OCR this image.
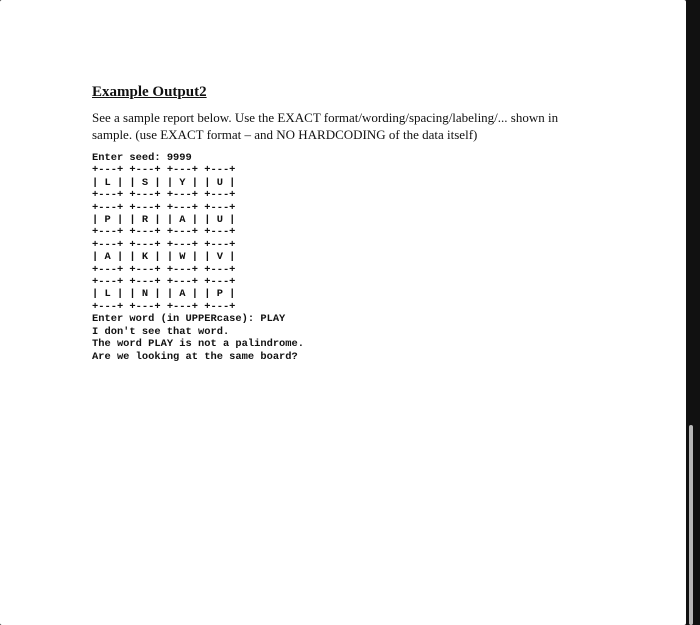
Example Output2
See a sample report below. Use the EXACT format/wording/spacing/labeling/... shown in sample. (use EXACT format – and NO HARDCODING of the data itself)
Enter seed: 9999
+---+ +---+ +---+ +---+
| L | | S | | Y | | U |
+---+ +---+ +---+ +---+
+---+ +---+ +---+ +---+
| P | | R | | A | | U |
+---+ +---+ +---+ +---+
+---+ +---+ +---+ +---+
| A | | K | | W | | V |
+---+ +---+ +---+ +---+
+---+ +---+ +---+ +---+
| L | | N | | A | | P |
+---+ +---+ +---+ +---+
Enter word (in UPPERcase): PLAY
I don't see that word.
The word PLAY is not a palindrome.
Are we looking at the same board?
